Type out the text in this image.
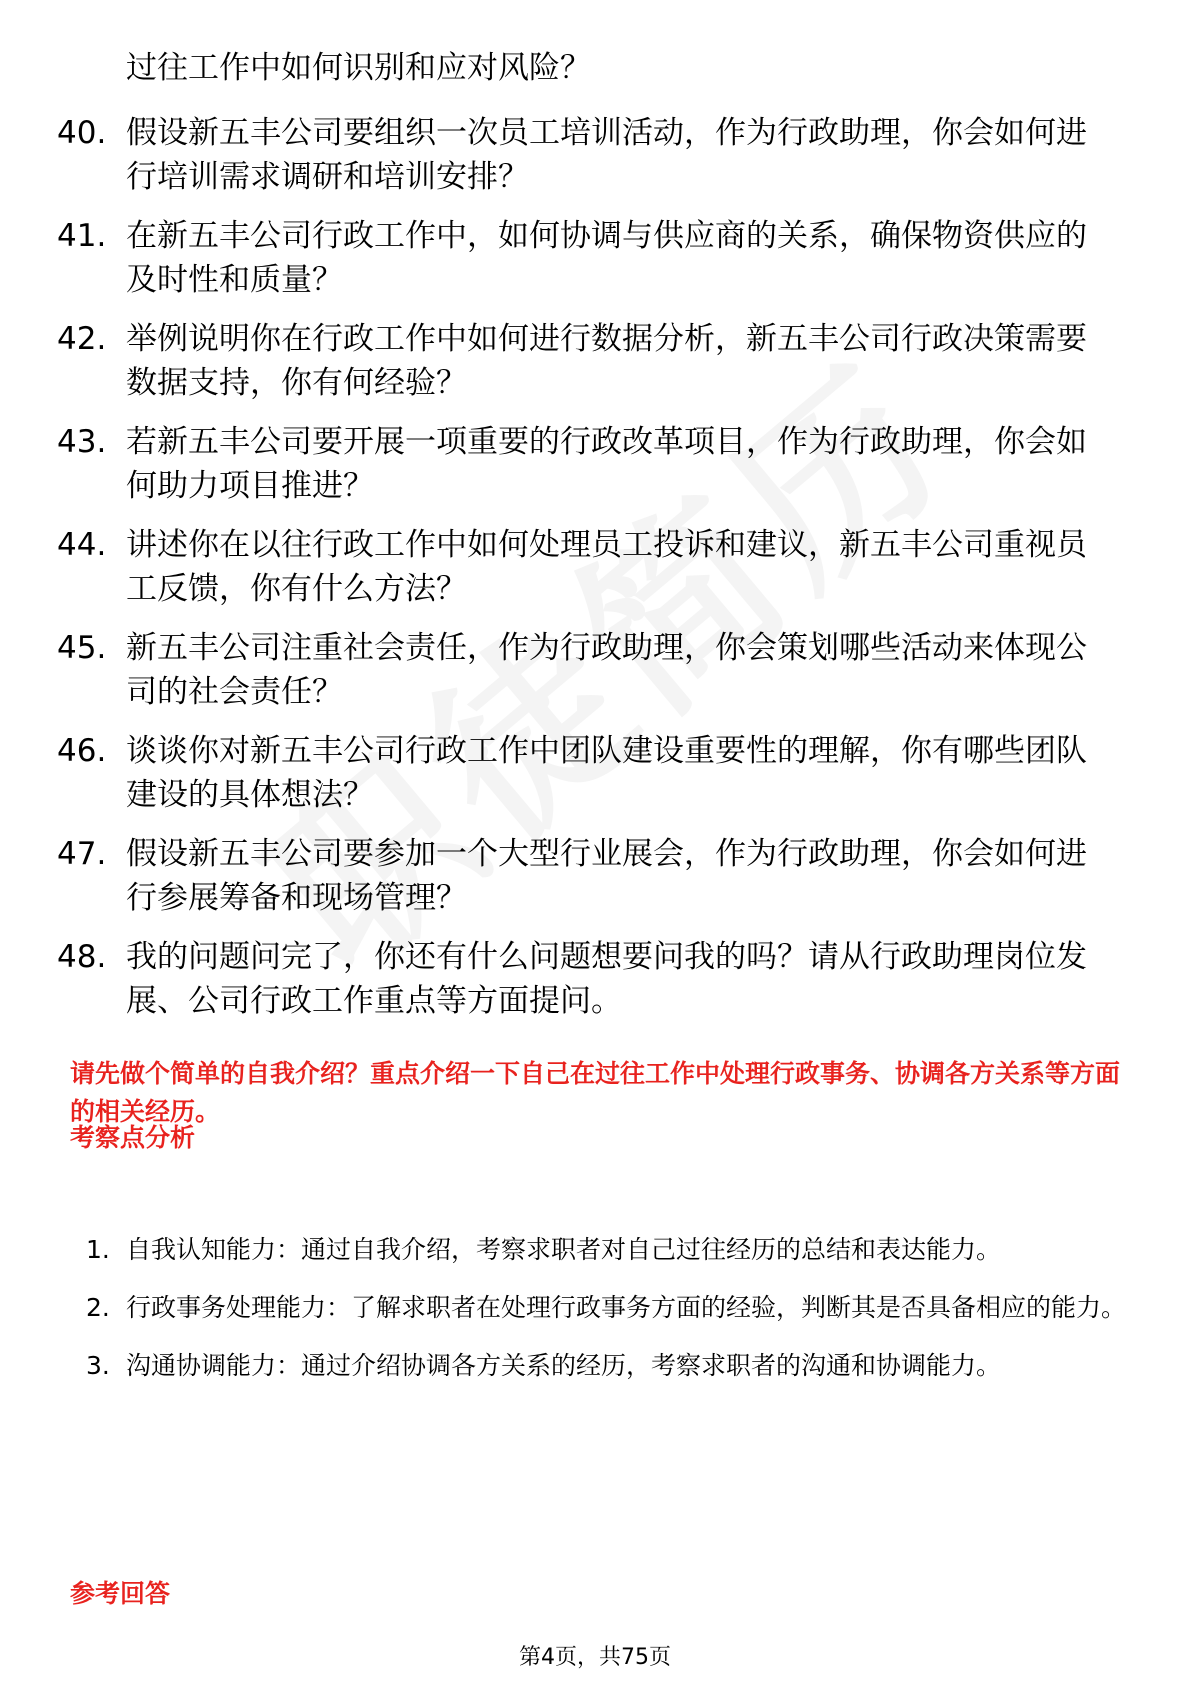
过往工作中如何识别和应对风险？

40. 假设新五丰公司要组织一次员工培训活动，作为行政助理，你会如何进行培训需求调研和培训安排？
41. 在新五丰公司行政工作中，如何协调与供应商的关系，确保物资供应的及时性和质量？
42. 举例说明你在行政工作中如何进行数据分析，新五丰公司行政决策需要数据支持，你有何经验？
43. 若新五丰公司要开展一项重要的行政改革项目，作为行政助理，你会如何助力项目推进？
44. 讲述你在以往行政工作中如何处理员工投诉和建议，新五丰公司重视员工反馈，你有什么方法？
45. 新五丰公司注重社会责任，作为行政助理，你会策划哪些活动来体现公司的社会责任？
46. 谈谈你对新五丰公司行政工作中团队建设重要性的理解，你有哪些团队建设的具体想法？
47. 假设新五丰公司要参加一个大型行业展会，作为行政助理，你会如何进行参展筹备和现场管理？
48. 我的问题问完了，你还有什么问题想要问我的吗？请从行政助理岗位发展、公司行政工作重点等方面提问。

请先做个简单的自我介绍？重点介绍一下自己在过往工作中处理行政事务、协调各方关系等方面的相关经历。

考察点分析
1. 自我认知能力：通过自我介绍，考察求职者对自己过往经历的总结和表达能力。
2. 行政事务处理能力：了解求职者在处理行政事务方面的经验，判断其是否具备相应的能力。
3. 沟通协调能力：通过介绍协调各方关系的经历，考察求职者的沟通和协调能力。
参考回答

第4页，共75页
